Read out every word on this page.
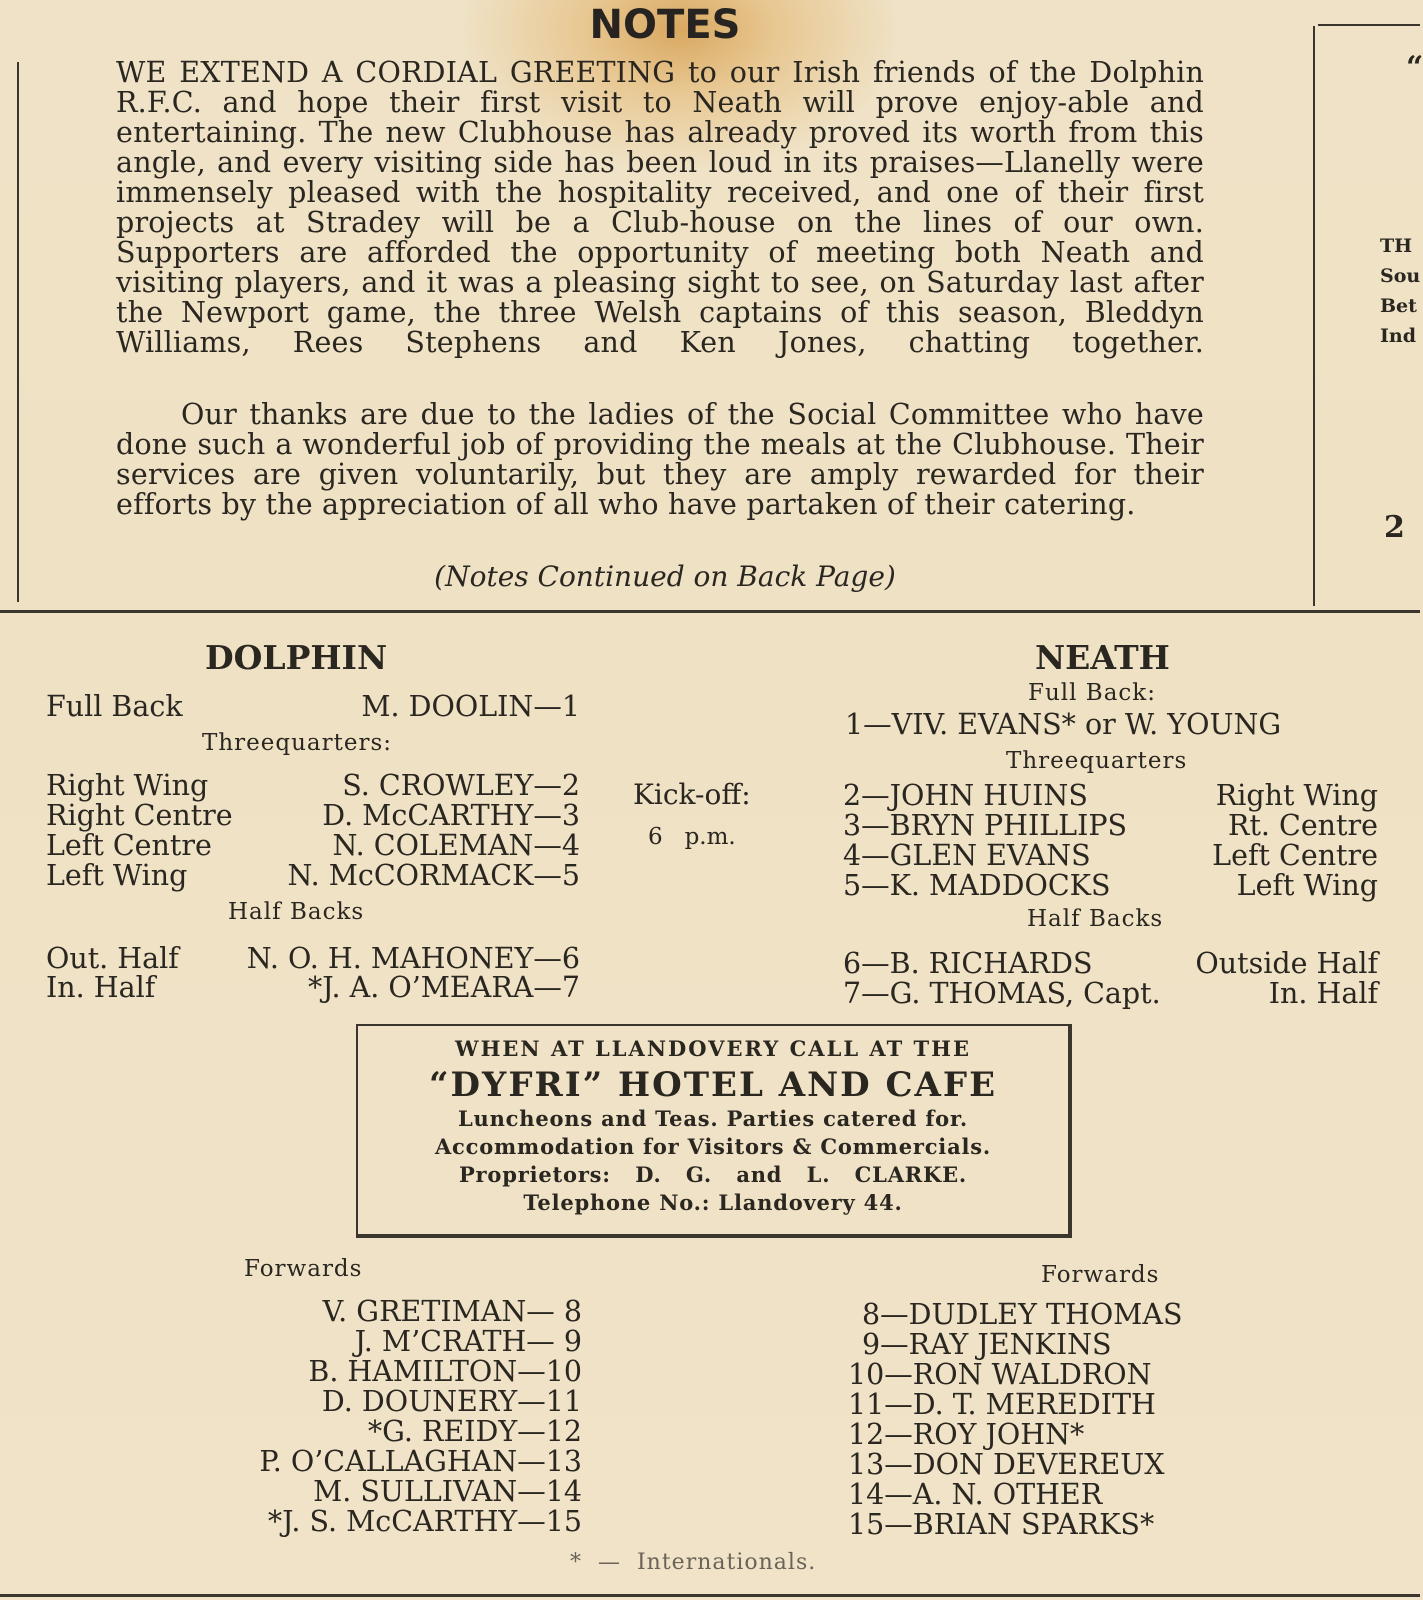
NOTES
WE EXTEND A CORDIAL GREETING to our Irish friends of the Dolphin R.F.C. and hope their first visit to Neath will prove enjoy-able and entertaining. The new Clubhouse has already proved its worth from this angle, and every visiting side has been loud in its praises—Llanelly were immensely pleased with the hospitality received, and one of their first projects at Stradey will be a Club-house on the lines of our own. Supporters are afforded the opportunity of meeting both Neath and visiting players, and it was a pleasing sight to see, on Saturday last after the Newport game, the three Welsh captains of this season, Bleddyn Williams, Rees Stephens and Ken Jones, chatting together.
Our thanks are due to the ladies of the Social Committee who have done such a wonderful job of providing the meals at the Clubhouse. Their services are given voluntarily, but they are amply rewarded for their efforts by the appreciation of all who have partaken of their catering.
(Notes Continued on Back Page)
“
TH
Sou
Bet
Ind
2
DOLPHIN
Full Back	M. DOOLIN—1
Threequarters:
Right Wing	S. CROWLEY—2
Right Centre	D. McCARTHY—3
Left Centre	N. COLEMAN—4
Left Wing	N. McCORMACK—5
Half Backs
Out. Half N. O. H. MAHONEY—6
In. Half	*J. A. O’MEARA—7
Kick-off:
6   p.m.
NEATH
Full Back:
1—VIV. EVANS* or W. YOUNG
Threequarters
2—JOHN HUINS	Right Wing
3—BRYN PHILLIPS	Rt. Centre
4—GLEN EVANS	Left Centre
5—K. MADDOCKS	Left Wing
Half Backs
6—B. RICHARDS	Outside Half
7—G. THOMAS, Capt.	In. Half
WHEN AT LLANDOVERY CALL AT THE
“DYFRI” HOTEL AND CAFE
Luncheons and Teas. Parties catered for.
Accommodation for Visitors & Commercials.
Proprietors:   D.   G.   and   L.   CLARKE.
Telephone No.: Llandovery 44.
Forwards
V. GRETIMAN— 8
J. M’CRATH— 9
B. HAMILTON—10
D. DOUNERY—11
*G. REIDY—12
P. O’CALLAGHAN—13
M. SULLIVAN—14
*J. S. McCARTHY—15
Forwards
8—DUDLEY THOMAS
9—RAY JENKINS
10—RON WALDRON
11—D. T. MEREDITH
12—ROY JOHN*
13—DON DEVEREUX
14—A. N. OTHER
15—BRIAN SPARKS*
*  —  Internationals.
